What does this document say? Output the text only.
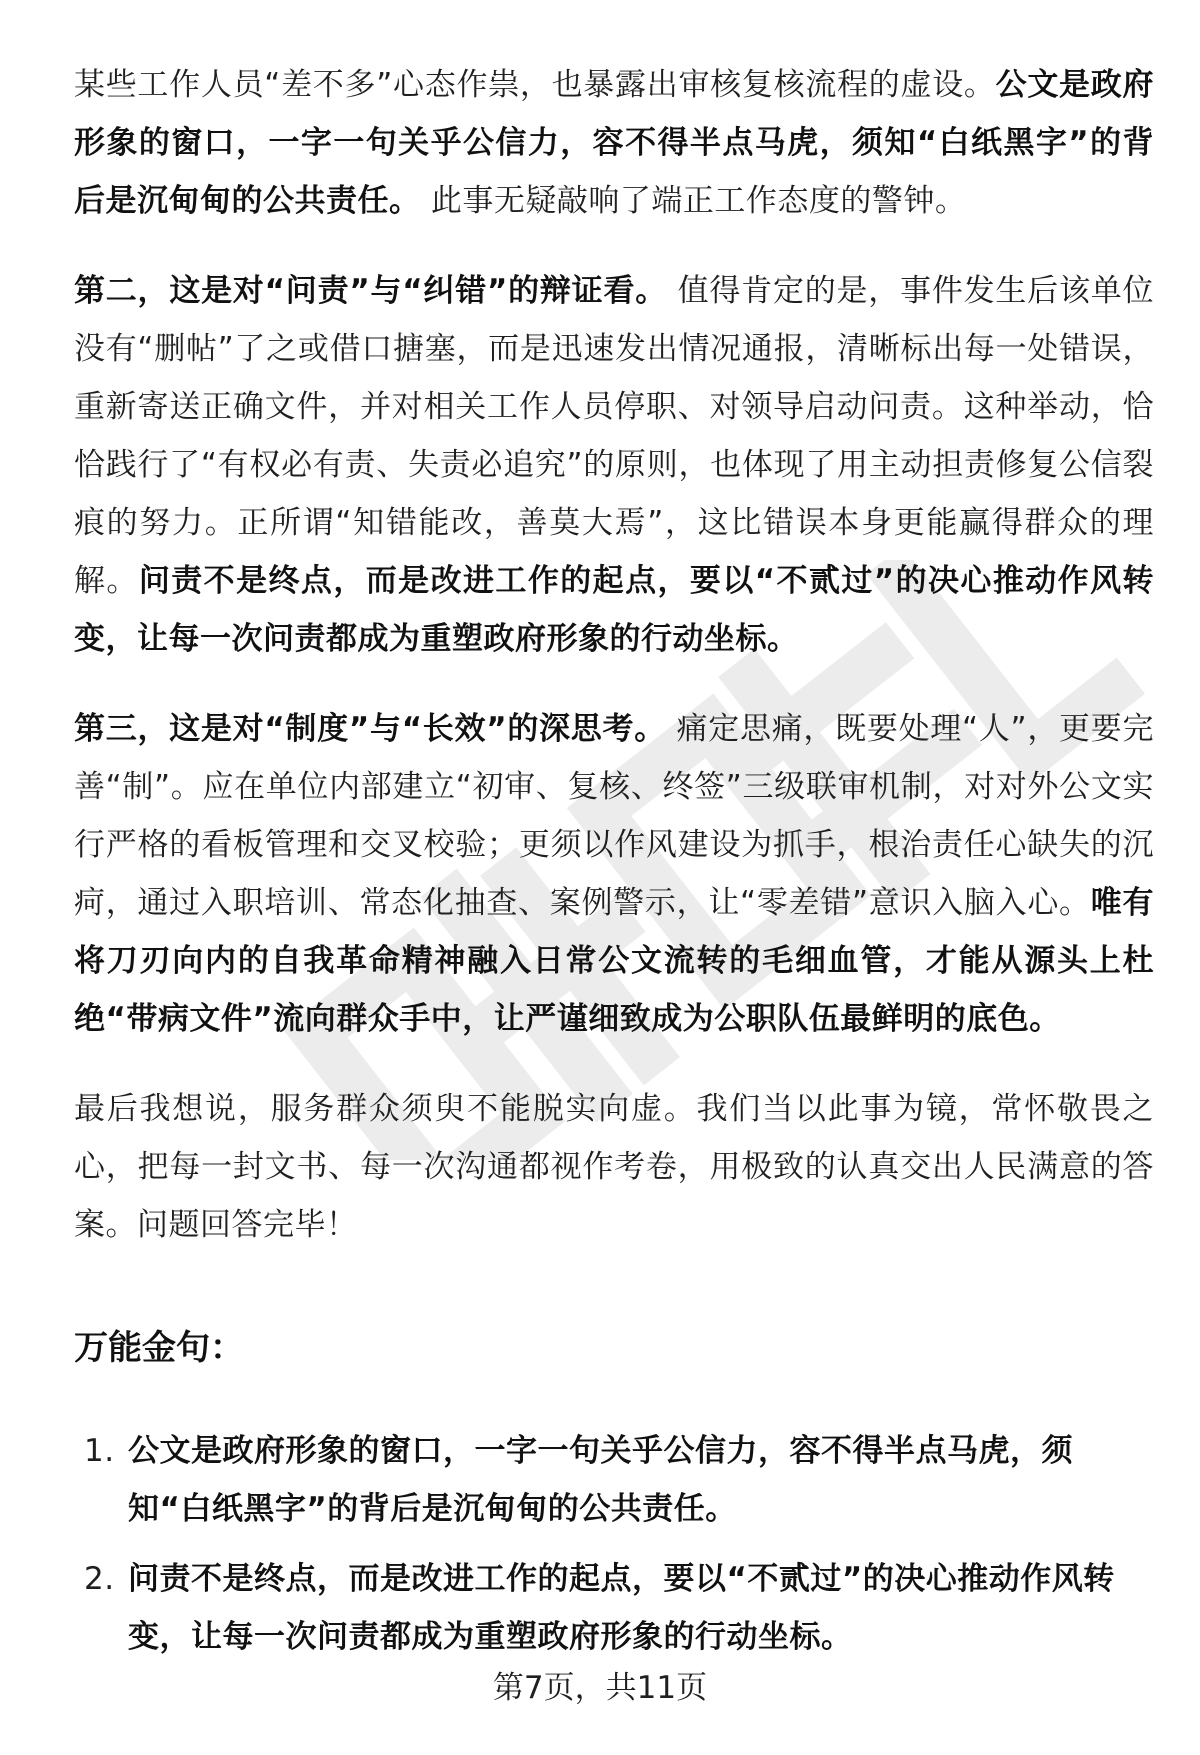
某些工作人员“差不多”心态作祟，也暴露出审核复核流程的虚设。公文是政府形象的窗口，一字一句关乎公信力，容不得半点马虎，须知“白纸黑字”的背后是沉甸甸的公共责任。 此事无疑敲响了端正工作态度的警钟。

第二，这是对“问责”与“纠错”的辩证看。 值得肯定的是，事件发生后该单位没有“删帖”了之或借口搪塞，而是迅速发出情况通报，清晰标出每一处错误，重新寄送正确文件，并对相关工作人员停职、对领导启动问责。这种举动，恰恰践行了“有权必有责、失责必追究”的原则，也体现了用主动担责修复公信裂痕的努力。正所谓“知错能改，善莫大焉”，这比错误本身更能赢得群众的理解。问责不是终点，而是改进工作的起点，要以“不贰过”的决心推动作风转变，让每一次问责都成为重塑政府形象的行动坐标。

第三，这是对“制度”与“长效”的深思考。 痛定思痛，既要处理“人”，更要完善“制”。应在单位内部建立“初审、复核、终签”三级联审机制，对对外公文实行严格的看板管理和交叉校验；更须以作风建设为抓手，根治责任心缺失的沉疴，通过入职培训、常态化抽查、案例警示，让“零差错”意识入脑入心。唯有将刀刃向内的自我革命精神融入日常公文流转的毛细血管，才能从源头上杜绝“带病文件”流向群众手中，让严谨细致成为公职队伍最鲜明的底色。

最后我想说，服务群众须臾不能脱实向虚。我们当以此事为镜，常怀敬畏之心，把每一封文书、每一次沟通都视作考卷，用极致的认真交出人民满意的答案。问题回答完毕！

万能金句：
1. 公文是政府形象的窗口，一字一句关乎公信力，容不得半点马虎，须知“白纸黑字”的背后是沉甸甸的公共责任。
2. 问责不是终点，而是改进工作的起点，要以“不贰过”的决心推动作风转变，让每一次问责都成为重塑政府形象的行动坐标。
第7页，共11页
